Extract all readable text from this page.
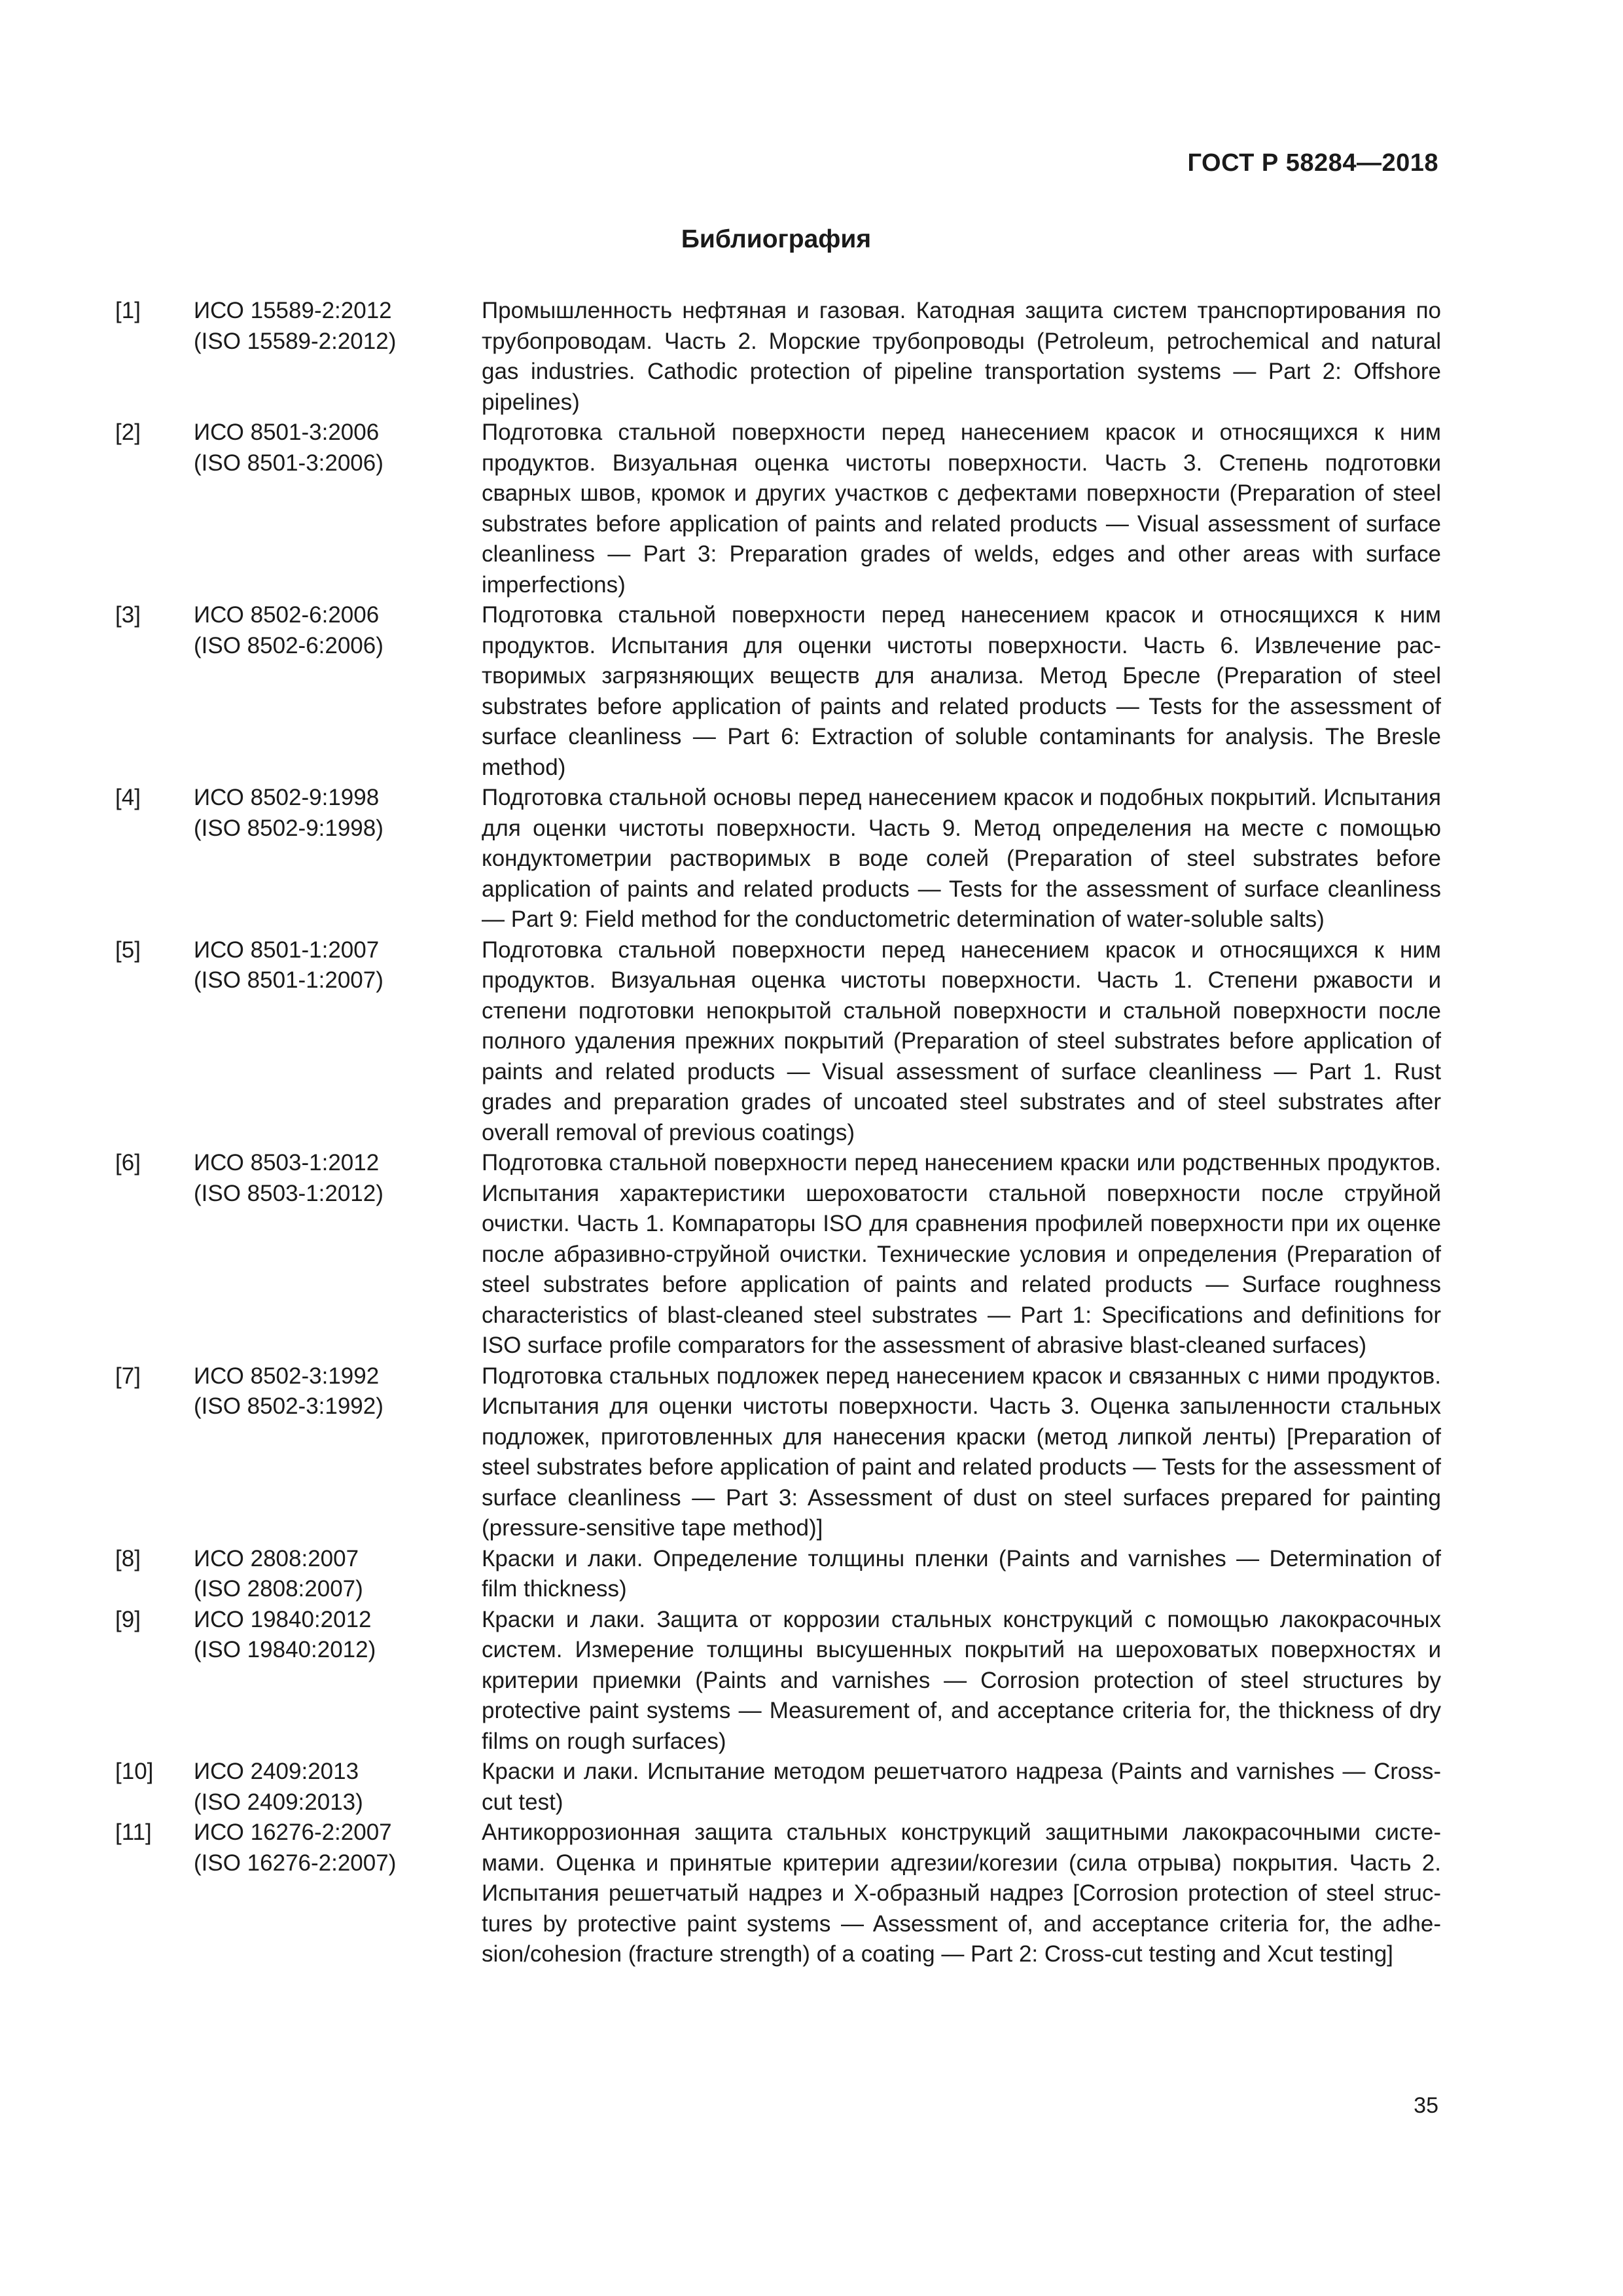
ГОСТ Р 58284—2018
Библиография
[1]	ИСО 15589-2:2012
(ISO 15589-2:2012)
Промышленность нефтяная и газовая. Катодная защита систем транспортирования по трубопроводам. Часть 2. Морские трубопроводы (Petroleum, petrochemical and natural gas industries. Cathodic protection of pipeline transportation systems — Part 2: Offshore pipelines)
[2]	ИСО 8501-3:2006
(ISO 8501-3:2006)
Подготовка стальной поверхности перед нанесением красок и относящихся к ним продуктов. Визуальная оценка чистоты поверхности. Часть 3. Степень подготовки сварных швов, кромок и других участков с дефектами поверхности (Preparation of steel substrates before application of paints and related products — Visual assessment of surface cleanliness — Part 3: Preparation grades of welds, edges and other areas with surface imperfections)
[3]	ИСО 8502-6:2006
(ISO 8502-6:2006)
Подготовка стальной поверхности перед нанесением красок и относящихся к ним продуктов. Испытания для оценки чистоты поверхности. Часть 6. Извлечение растворимых загрязняющих веществ для анализа. Метод Бресле (Preparation of steel substrates before application of paints and related products — Tests for the assessment of surface cleanliness — Part 6: Extraction of soluble contaminants for analysis. The Bresle method)
[4]	ИСО 8502-9:1998
(ISO 8502-9:1998)
Подготовка стальной основы перед нанесением красок и подобных покрытий. Испытания для оценки чистоты поверхности. Часть 9. Метод определения на месте с помощью кондуктометрии растворимых в воде солей (Preparation of steel substrates before application of paints and related products — Tests for the assessment of surface cleanliness — Part 9: Field method for the conductometric determination of water-soluble salts)
[5]	ИСО 8501-1:2007
(ISO 8501-1:2007)
Подготовка стальной поверхности перед нанесением красок и относящихся к ним продуктов. Визуальная оценка чистоты поверхности. Часть 1. Степени ржавости и степени подготовки непокрытой стальной поверхности и стальной поверхности после полного удаления прежних покрытий (Preparation of steel substrates before application of paints and related products — Visual assessment of surface cleanliness — Part 1. Rust grades and preparation grades of uncoated steel substrates and of steel substrates after overall removal of previous coatings)
[6]	ИСО 8503-1:2012
(ISO 8503-1:2012)
Подготовка стальной поверхности перед нанесением краски или родственных продуктов. Испытания характеристики шероховатости стальной поверхности после струйной очистки. Часть 1. Компараторы ISO для сравнения профилей поверхности при их оценке после абразивно-струйной очистки. Технические условия и определения (Preparation of steel substrates before application of paints and related products — Surface roughness characteristics of blast-cleaned steel substrates — Part 1: Specifications and definitions for ISO surface profile comparators for the assessment of abrasive blast-cleaned surfaces)
[7]	ИСО 8502-3:1992
(ISO 8502-3:1992)
Подготовка стальных подложек перед нанесением красок и связанных с ними продуктов. Испытания для оценки чистоты поверхности. Часть 3. Оценка запыленности стальных подложек, приготовленных для нанесения краски (метод липкой ленты) [Preparation of steel substrates before application of paint and related products — Tests for the assessment of surface cleanliness — Part 3: Assessment of dust on steel surfaces prepared for painting (pressure-sensitive tape method)]
[8]	ИСО 2808:2007
(ISO 2808:2007)
Краски и лаки. Определение толщины пленки (Paints and varnishes — Determination of film thickness)
[9]	ИСО 19840:2012
(ISO 19840:2012)
Краски и лаки. Защита от коррозии стальных конструкций с помощью лакокрасочных систем. Измерение толщины высушенных покрытий на шероховатых поверхностях и критерии приемки (Paints and varnishes — Corrosion protection of steel structures by protective paint systems — Measurement of, and acceptance criteria for, the thickness of dry films on rough surfaces)
[10]	ИСО 2409:2013
(ISO 2409:2013)
Краски и лаки. Испытание методом решетчатого надреза (Paints and varnishes — Cross-cut test)
[11]	ИСО 16276-2:2007
(ISO 16276-2:2007)
Антикоррозионная защита стальных конструкций защитными лакокрасочными системами. Оценка и принятые критерии адгезии/когезии (сила отрыва) покрытия. Часть 2. Испытания решетчатый надрез и Х-образный надрез [Corrosion protection of steel structures by protective paint systems — Assessment of, and acceptance criteria for, the adhesion/cohesion (fracture strength) of a coating — Part 2: Cross-cut testing and Xcut testing]
35
